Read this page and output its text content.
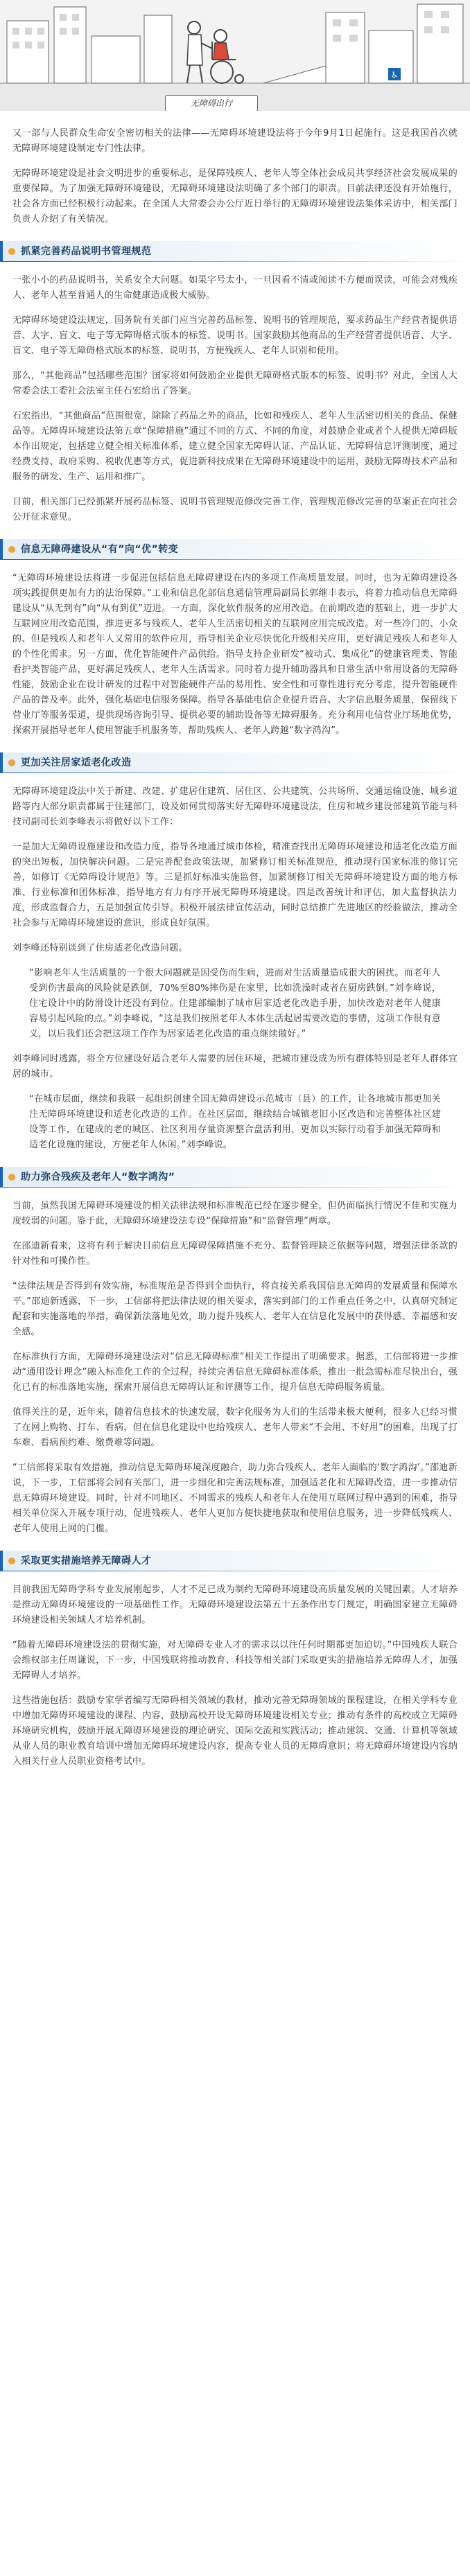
♿
无障碍出行

又一部与人民群众生命安全密切相关的法律——无障碍环境建设法将于今年9月1日起施行。这是我国首次就无障碍环境建设制定专门性法律。

无障碍环境建设是社会文明进步的重要标志，是保障残疾人、老年人等全体社会成员共享经济社会发展成果的重要保障。为了加强无障碍环境建设，无障碍环境建设法明确了多个部门的职责。目前法律还没有开始施行，社会各方面已经积极行动起来。在全国人大常委会办公厅近日举行的无障碍环境建设法集体采访中，相关部门负责人介绍了有关情况。

抓紧完善药品说明书管理规范

一张小小的药品说明书，关系安全大问题。如果字号太小，一旦因看不清或阅读不方便而误读，可能会对残疾人、老年人甚至普通人的生命健康造成极大威胁。

无障碍环境建设法规定，国务院有关部门应当完善药品标签、说明书的管理规范，要求药品生产经营者提供语音、大字、盲文、电子等无障碍格式版本的标签、说明书。国家鼓励其他商品的生产经营者提供语音、大字、盲文、电子等无障碍格式版本的标签、说明书，方便残疾人、老年人识别和使用。

那么，“其他商品”包括哪些范围？国家将如何鼓励企业提供无障碍格式版本的标签、说明书？对此，全国人大常委会法工委社会法室主任石宏给出了答案。

石宏指出，“其他商品”范围很宽，除除了药品之外的商品，比如和残疾人、老年人生活密切相关的食品、保健品等。无障碍环境建设法第五章“保障措施”通过不同的方式、不同的角度，对鼓励企业或者个人提供无障碍版本作出规定，包括建立健全相关标准体系，建立健全国家无障碍认证、产品认证、无障碍信息评测制度，通过经费支持、政府采购、税收优惠等方式，促进新科技成果在无障碍环境建设中的运用，鼓励无障碍技术产品和服务的研发、生产、运用和推广。

目前，相关部门已经抓紧开展药品标签、说明书管理规范修改完善工作，管理规范修改完善的草案正在向社会公开征求意见。

信息无障碍建设从“有”向“优”转变

“无障碍环境建设法将进一步促进包括信息无障碍建设在内的多项工作高质量发展。同时，也为无障碍建设各项实践提供更加有力的法治保障。”工业和信息化部信息通信管理局副局长郭继丰表示，将着力推动信息无障碍建设从“从无到有”向“从有到优”迈进。一方面，深化软件服务的应用改造。在前期改造的基础上，进一步扩大互联网应用改造范围，推进更多与残疾人、老年人生活密切相关的互联网应用完成改造。对一些冷门的、小众的、但是残疾人和老年人又常用的软件应用，指导相关企业尽快优化升级相关应用，更好满足残疾人和老年人的个性化需求。另一方面，优化智能硬件产品供给。指导支持企业研发“被动式、集成化”的健康管理类、智能看护类智能产品，更好满足残疾人、老年人生活需求。同时着力提升辅助器具和日常生活中常用设备的无障碍性能，鼓励企业在设计研发的过程中对智能硬件产品的易用性、安全性和可靠性进行充分考虑，提升智能硬件产品的普及率。此外，强化基础电信服务保障。指导各基础电信企业提升语音、大字信息服务质量，保留线下营业厅等服务渠道，提供现场咨询引导、提供必要的辅助设备等无障碍服务。充分利用电信营业厅场地优势，探索开展指导老年人使用智能手机服务等，帮助残疾人、老年人跨越“数字鸿沟”。

更加关注居家适老化改造

无障碍环境建设法中关于新建、改建、扩建居住建筑、居住区、公共建筑、公共场所、交通运输设施、城乡道路等内大部分职责都属于住建部门，设及如何贯彻落实好无障碍环境建设法，住房和城乡建设部建筑节能与科技司副司长刘李峰表示将做好以下工作：

一是加大无障碍设施建设和改造力度，指导各地通过城市体检，精准查找出无障碍环境建设和适老化改造方面的突出短板，加快解决问题。二是完善配套政策法规，加紧修订相关标准规范，推动现行国家标准的修订完善，如修订《无障碍设计规范》等。三是抓好标准实施监督，加紧制修订相关无障碍环境建设方面的地方标准、行业标准和团体标准，指导地方有力有序开展无障碍环境建设。四是改善统计和评估，加大监督执法力度，形成监督合力，五是加强宣传引导。积极开展法律宣传活动，同时总结推广先进地区的经验做法，推动全社会参与无障碍环境建设的意识，形成良好氛围。

刘李峰还特别谈到了住房适老化改造问题。

“影响老年人生活质量的一个很大问题就是因受伤而生病，进而对生活质量造成很大的困扰。而老年人受到伤害最高的风险就是跌倒，70%至80%摔伤是在家里，比如洗澡时或者在厨房跌倒。”刘李峰说，住宅设计中的防滑设计还没有到位。住建部编制了城市居家适老化改造手册，加快改造对老年人健康容易引起风险的点。”刘李峰说，“这是我们按照老年人本体生活起居需要改造的事情，这项工作很有意义，以后我们还会把这项工作作为居家适老化改造的重点继续做好。”

刘李峰同时透露，将全方位建设好适合老年人需要的居住环境，把城市建设成为所有群体特别是老年人群体宜居的城市。

“在城市层面，继续和我联一起组织创建全国无障碍建设示范城市（县）的工作，让各地城市都更加关注无障碍环境建设和适老化改造的工作。在社区层面，继续结合城镇老旧小区改造和完善整体社区建设等工作，在建成的老的城区、社区利用存量资源整合盘活利用，更加以实际行动着手加强无障碍和适老化设施的建设，方便老年人休闲。”刘李峰说。

助力弥合残疾及老年人“数字鸿沟”

当前，虽然我国无障碍环境建设的相关法律法规和标准规范已经在逐步健全，但仍面临执行情况不佳和实施力度较弱的问题。鉴于此，无障碍环境建设法专设“保障措施”和“监督管理”两章。

在邵迪新看来，这将有利于解决目前信息无障碍保障措施不充分、监督管理缺乏依据等问题，增强法律条款的针对性和可操作性。

“法律法规是否得到有效实施，标准规范是否得到全面执行，将直接关系我国信息无障碍的发展质量和保障水平。”邵迪新透露，下一步，工信部将把法律法规的相关要求，落实到部门的工作重点任务之中，认真研究制定配套和实施落地的举措，确保新法落地见效，助力提升残疾人、老年人在信息化发展中的获得感、幸福感和安全感。

在标准执行方面，无障碍环境建设法对“信息无障碍标准”相关工作提出了明确要求。据悉，工信部将进一步推动“通用设计理念”融入标准化工作的全过程，持续完善信息无障碍标准体系，推出一批急需标准尽快出台，强化已有的标准落地实施，探索开展信息无障碍认证和评测等工作，提升信息无障碍服务质量。

值得关注的是，近年来，随着信息技术的快速发展，数字化服务为人们的生活带来极大便利，很多人已经习惯了在网上购物、打车、看病，但在信息化建设中也给残疾人、老年人带来“不会用、不好用”的困难，出现了打车难、看病预约难、缴费难等问题。

“工信部将采取有效措施，推动信息无障碍环境深度融合，助力弥合残疾人、老年人面临的‘数字鸿沟’。”邵迪新说，下一步，工信部将会同有关部门，进一步细化和完善法规标准，加强适老化和无障碍改造，进一步推动信息无障碍环境建设。同时，针对不同地区、不同需求的残疾人和老年人在使用互联网过程中遇到的困难，指导相关单位深入开展专项行动，促进残疾人、老年人更加方便快捷地获取和使用信息服务，进一步降低残疾人、老年人使用上网的门槛。

采取更实措施培养无障碍人才

目前我国无障碍学科专业发展刚起步，人才不足已成为制约无障碍环境建设高质量发展的关键因素。人才培养是推动无障碍环境建设的一项基础性工作。无障碍环境建设法第五十五条作出专门规定，明确国家建立无障碍环境建设相关领域人才培养机制。

“随着无障碍环境建设法的贯彻实施，对无障碍专业人才的需求以以往任何时期都更加迫切。”中国残疾人联合会维权部主任周谦说，下一步，中国残联将推动教育、科技等相关部门采取更实的措施培养无障碍人才，加强无障碍人才培养。

这些措施包括：鼓励专家学者编写无障碍相关领域的教材，推动完善无障碍领域的课程建设，在相关学科专业中增加无障碍环境建设的课程、内容，鼓励高校开设无障碍环境建设相关专业；推动有条件的高校成立无障碍环境研究机构，鼓励开展无障碍环境建设的理论研究、国际交流和实践活动；推动建筑、交通、计算机等领域从业人员的职业教育培训中增加无障碍环境建设内容，提高专业人员的无障碍意识；将无障碍环境建设内容纳入相关行业人员职业资格考试中。
